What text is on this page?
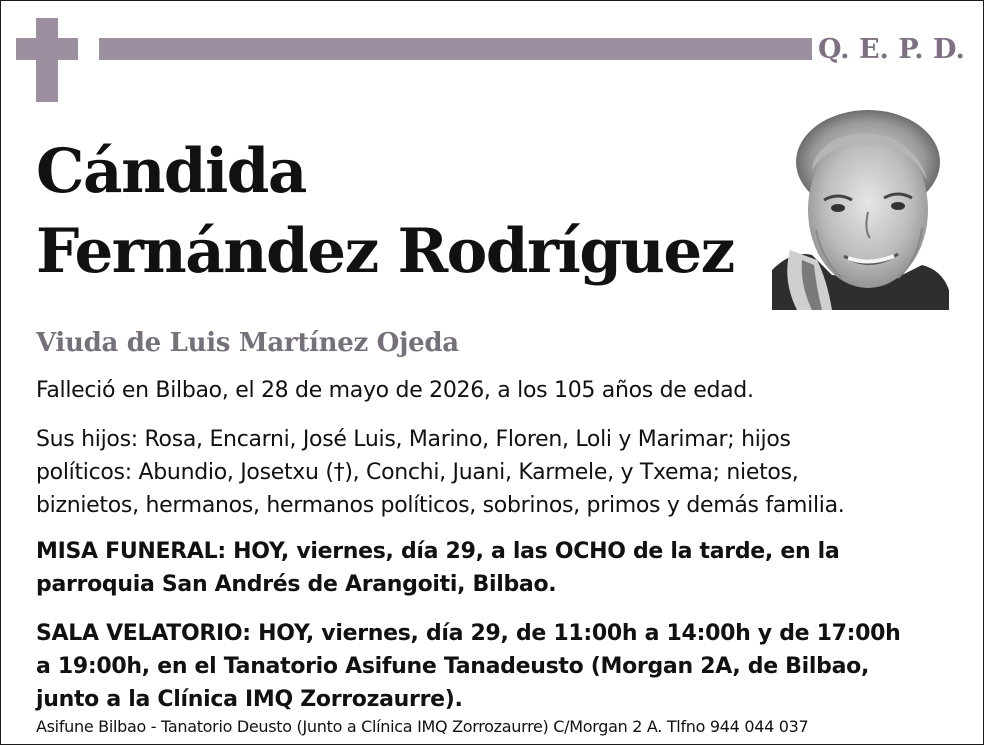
Q. E. P. D.
Cándida
Fernández Rodríguez
Viuda de Luis Martínez Ojeda
Falleció en Bilbao, el 28 de mayo de 2026, a los 105 años de edad.
Sus hijos: Rosa, Encarni, José Luis, Marino, Floren, Loli y Marimar; hijos
políticos: Abundio, Josetxu (†), Conchi, Juani, Karmele, y Txema; nietos,
biznietos, hermanos, hermanos políticos, sobrinos, primos y demás familia.
MISA FUNERAL: HOY, viernes, día 29, a las OCHO de la tarde, en la
parroquia San Andrés de Arangoiti, Bilbao.
SALA VELATORIO: HOY, viernes, día 29, de 11:00h a 14:00h y de 17:00h
a 19:00h, en el Tanatorio Asifune Tanadeusto (Morgan 2A, de Bilbao,
junto a la Clínica IMQ Zorrozaurre).
Asifune Bilbao - Tanatorio Deusto (Junto a Clínica IMQ Zorrozaurre) C/Morgan 2 A. Tlfno 944 044 037
